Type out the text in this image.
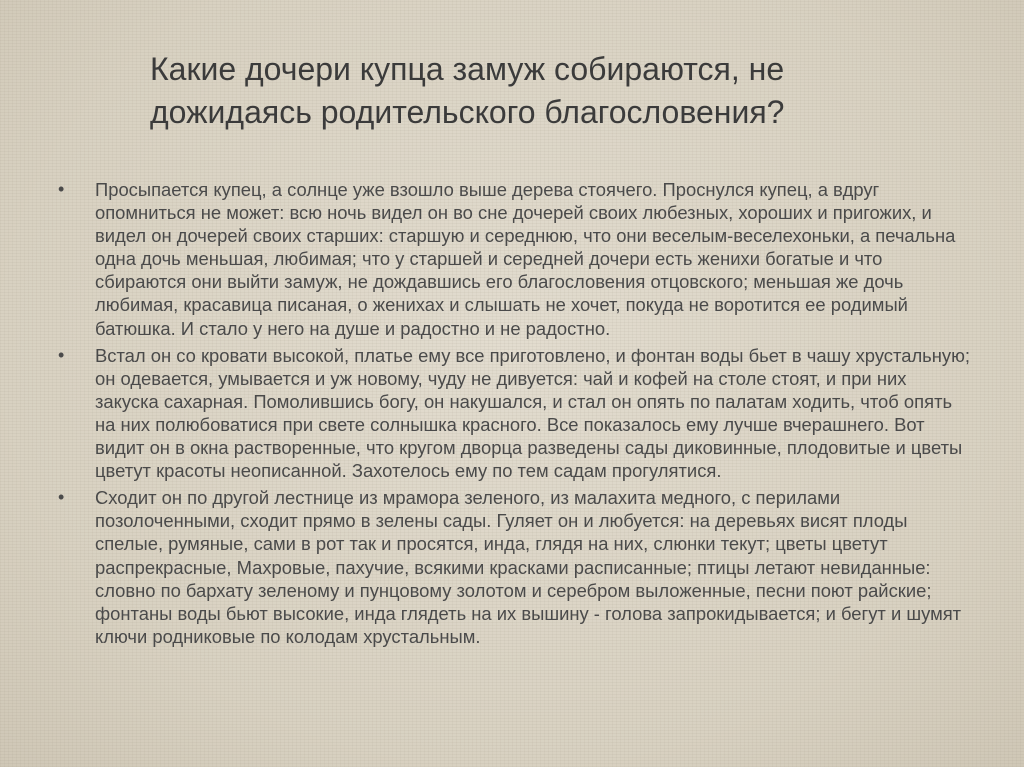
Какие дочери купца замуж собираются, не дожидаясь родительского благословения?
• Просыпается купец, а солнце уже взошло выше дерева стоячего. Проснулся купец, а вдруг опомниться не может: всю ночь видел он во сне дочерей своих любезных, хороших и пригожих, и видел он дочерей своих старших: старшую и середнюю, что они веселым-веселехоньки, а печальна одна дочь меньшая, любимая; что у старшей и середней дочери есть женихи богатые и что сбираются они выйти замуж, не дождавшись его благословения отцовского; меньшая же дочь любимая, красавица писаная, о женихах и слышать не хочет, покуда не воротится ее родимый батюшка. И стало у него на душе и радостно и не радостно.
• Встал он со кровати высокой, платье ему все приготовлено, и фонтан воды бьет в чашу хрустальную; он одевается, умывается и уж новому, чуду не дивуется: чай и кофей на столе стоят, и при них закуска сахарная. Помолившись богу, он накушался, и стал он опять по палатам ходить, чтоб опять на них полюбоватися при свете солнышка красного. Все показалось ему лучше вчерашнего. Вот видит он в окна растворенные, что кругом дворца разведены сады диковинные, плодовитые и цветы цветут красоты неописанной. Захотелось ему по тем садам прогулятися.
• Сходит он по другой лестнице из мрамора зеленого, из малахита медного, с перилами позолоченными, сходит прямо в зелены сады. Гуляет он и любуется: на деревьях висят плоды спелые, румяные, сами в рот так и просятся, инда, глядя на них, слюнки текут; цветы цветут распрекрасные, Махровые, пахучие, всякими красками расписанные; птицы летают невиданные: словно по бархату зеленому и пунцовому золотом и серебром выложенные, песни поют райские; фонтаны воды бьют высокие, инда глядеть на их вышину - голова запрокидывается; и бегут и шумят ключи родниковые по колодам хрустальным.
